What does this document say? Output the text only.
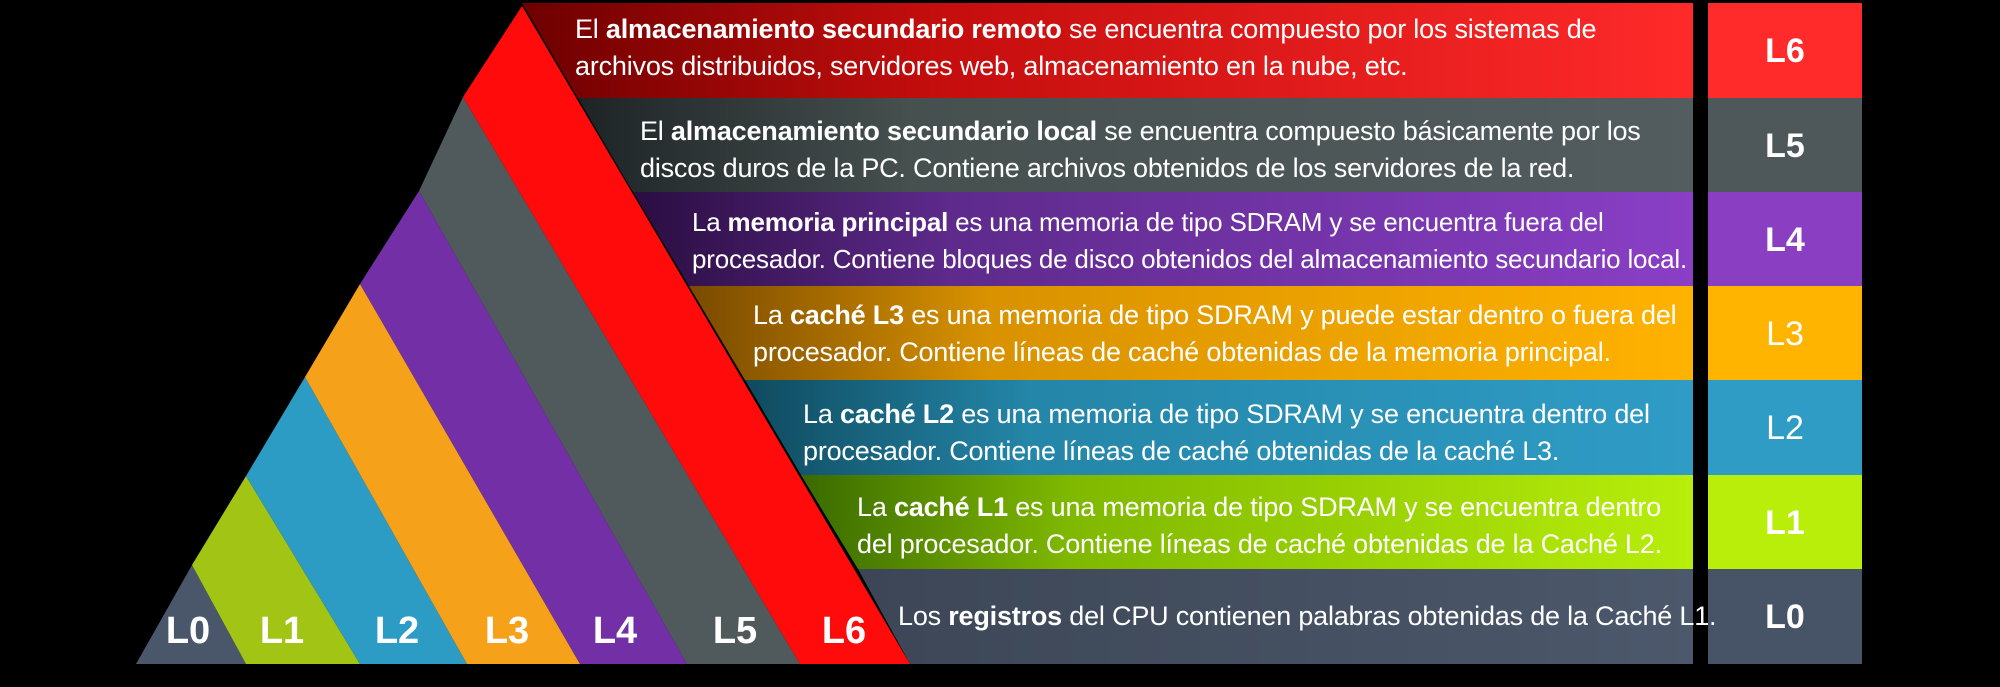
El almacenamiento secundario remoto se encuentra compuesto por los sistemas de
archivos distribuidos, servidores web, almacenamiento en la nube, etc.
El almacenamiento secundario local se encuentra compuesto básicamente por los
discos duros de la PC. Contiene archivos obtenidos de los servidores de la red.
La memoria principal es una memoria de tipo SDRAM y se encuentra fuera del
procesador. Contiene bloques de disco obtenidos del almacenamiento secundario local.
La caché L3 es una memoria de tipo SDRAM y puede estar dentro o fuera del
procesador. Contiene líneas de caché obtenidas de la memoria principal.
La caché L2 es una memoria de tipo SDRAM y se encuentra dentro del
procesador. Contiene líneas de caché obtenidas de la caché L3.
La caché L1 es una memoria de tipo SDRAM y se encuentra dentro
del procesador. Contiene líneas de caché obtenidas de la Caché L2.
Los registros del CPU contienen palabras obtenidas de la Caché L1.
L0	L1	L2	L3	L4	L5	L6
L6
L5
L4
L3
L2
L1
L0
